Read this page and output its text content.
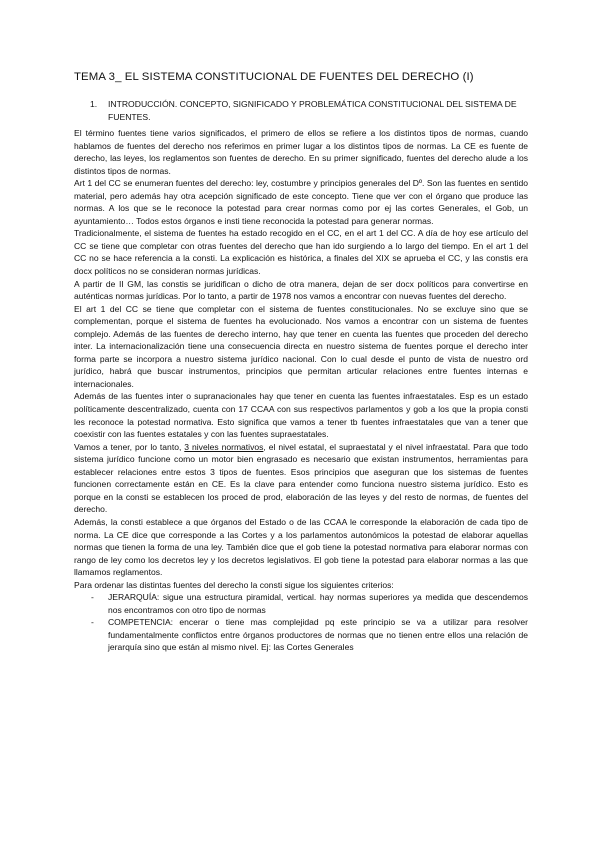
TEMA 3_ EL SISTEMA CONSTITUCIONAL DE FUENTES DEL DERECHO (I)
1.	INTRODUCCIÓN. CONCEPTO, SIGNIFICADO Y PROBLEMÁTICA CONSTITUCIONAL DEL SISTEMA DE FUENTES.

El término fuentes tiene varios significados, el primero de ellos se refiere a los distintos tipos de normas, cuando hablamos de fuentes del derecho nos referimos en primer lugar a los distintos tipos de normas. La CE es fuente de derecho, las leyes, los reglamentos son fuentes de derecho. En su primer significado, fuentes del derecho alude a los distintos tipos de normas.

Art 1 del CC se enumeran fuentes del derecho: ley, costumbre y principios generales del Dº. Son las fuentes en sentido material, pero además hay otra acepción significado de este concepto. Tiene que ver con el órgano que produce las normas. A los que se le reconoce la potestad para crear normas como por ej las cortes Generales, el Gob, un ayuntamiento… Todos estos órganos e insti tiene reconocida la potestad para generar normas.

Tradicionalmente, el sistema de fuentes ha estado recogido en el CC, en el art 1 del CC. A día de hoy ese artículo del CC se tiene que completar con otras fuentes del derecho que han ido surgiendo a lo largo del tiempo. En el art 1 del CC no se hace referencia a la consti. La explicación es histórica, a finales del XIX se aprueba el CC, y las constis era docx políticos no se consideran normas jurídicas.

A partir de II GM, las constis se juridifican o dicho de otra manera, dejan de ser docx políticos para convertirse en auténticas normas jurídicas. Por lo tanto, a partir de 1978 nos vamos a encontrar con nuevas fuentes del derecho.

El art 1 del CC se tiene que completar con el sistema de fuentes constitucionales. No se excluye sino que se complementan, porque el sistema de fuentes ha evolucionado. Nos vamos a encontrar con un sistema de fuentes complejo. Además de las fuentes de derecho interno, hay que tener en cuenta las fuentes que proceden del derecho inter. La internacionalización tiene una consecuencia directa en nuestro sistema de fuentes porque el derecho inter forma parte se incorpora a nuestro sistema jurídico nacional. Con lo cual desde el punto de vista de nuestro ord jurídico, habrá que buscar instrumentos, principios que permitan articular relaciones entre fuentes internas e internacionales.

Además de las fuentes inter o supranacionales hay que tener en cuenta las fuentes infraestatales. Esp es un estado políticamente descentralizado, cuenta con 17 CCAA con sus respectivos parlamentos y gob a los que la propia consti les reconoce la potestad normativa. Esto significa que vamos a tener tb fuentes infraestatales que van a tener que coexistir con las fuentes estatales y con las fuentes supraestatales.

Vamos a tener, por lo tanto, 3 niveles normativos, el nivel estatal, el supraestatal y el nivel infraestatal. Para que todo sistema jurídico funcione como un motor bien engrasado es necesario que existan instrumentos, herramientas para establecer relaciones entre estos 3 tipos de fuentes. Esos principios que aseguran que los sistemas de fuentes funcionen correctamente están en CE. Es la clave para entender como funciona nuestro sistema jurídico. Esto es porque en la consti se establecen los proced de prod, elaboración de las leyes y del resto de normas, de fuentes del derecho.

Además, la consti establece a que órganos del Estado o de las CCAA le corresponde la elaboración de cada tipo de norma. La CE dice que corresponde a las Cortes y a los parlamentos autonómicos la potestad de elaborar aquellas normas que tienen la forma de una ley. También dice que el gob tiene la potestad normativa para elaborar normas con rango de ley como los decretos ley y los decretos legislativos. El gob tiene la potestad para elaborar normas a las que llamamos reglamentos.

Para ordenar las distintas fuentes del derecho la consti sigue los siguientes criterios:

- JERARQUÍA: sigue una estructura piramidal, vertical. hay normas superiores ya medida que descendemos nos encontramos con otro tipo de normas
- COMPETENCIA: encerar o tiene mas complejidad pq este principio se va a utilizar para resolver fundamentalmente conflictos entre órganos productores de normas que no tienen entre ellos una relación de jerarquía sino que están al mismo nivel. Ej: las Cortes Generales
